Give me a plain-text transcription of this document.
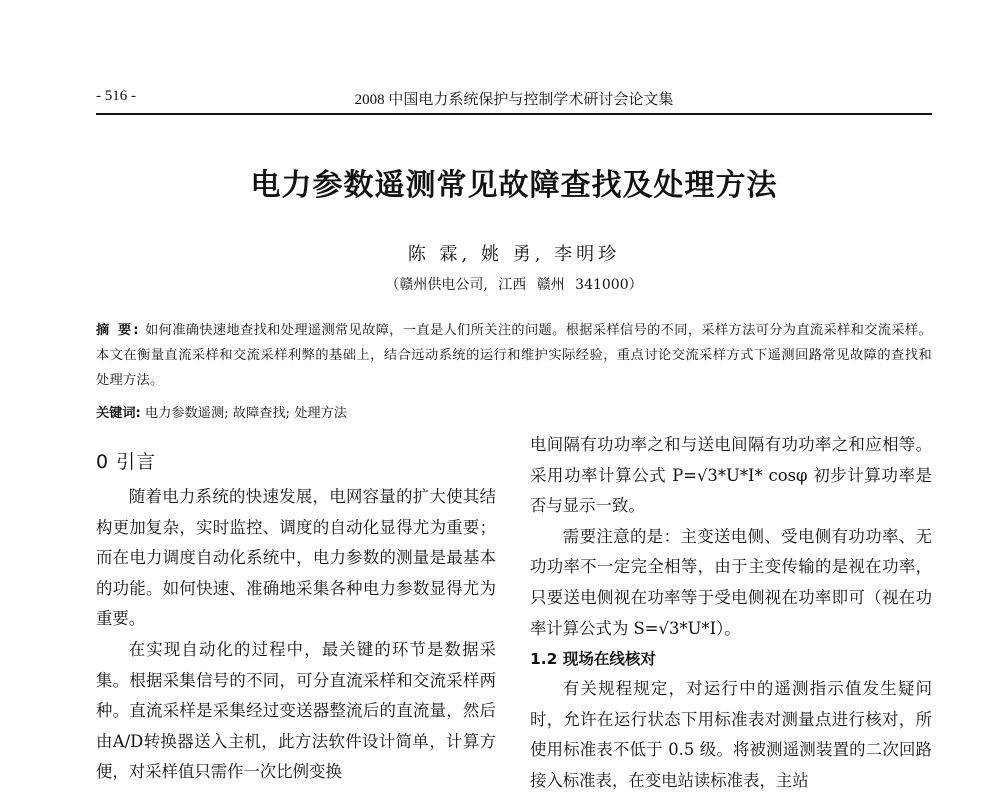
- 516 -	2008 中国电力系统保护与控制学术研讨会论文集
电力参数遥测常见故障查找及处理方法
陈 霖, 姚 勇, 李明珍
（赣州供电公司, 江西 赣州 341000）
摘 要: 如何准确快速地查找和处理遥测常见故障，一直是人们所关注的问题。根据采样信号的不同，采样方法可分为直流采样和交流采样。本文在衡量直流采样和交流采样利弊的基础上，结合远动系统的运行和维护实际经验，重点讨论交流采样方式下遥测回路常见故障的查找和处理方法。
关键词: 电力参数遥测; 故障查找; 处理方法
0 引言

随着电力系统的快速发展，电网容量的扩大使其结构更加复杂，实时监控、调度的自动化显得尤为重要；而在电力调度自动化系统中，电力参数的测量是最基本的功能。如何快速、准确地采集各种电力参数显得尤为重要。

在实现自动化的过程中，最关键的环节是数据采集。根据采集信号的不同，可分直流采样和交流采样两种。直流采样是采集经过变送器整流后的直流量，然后由A/D转换器送入主机，此方法软件设计简单，计算方便，对采样值只需作一次比例变换

电间隔有功功率之和与送电间隔有功功率之和应相等。采用功率计算公式 P=√3*U*I* cosφ 初步计算功率是否与显示一致。

需要注意的是：主变送电侧、受电侧有功功率、无功功率不一定完全相等，由于主变传输的是视在功率，只要送电侧视在功率等于受电侧视在功率即可（视在功率计算公式为 S=√3*U*I）。

1.2 现场在线核对

有关规程规定，对运行中的遥测指示值发生疑问时，允许在运行状态下用标准表对测量点进行核对，所使用标准表不低于 0.5 级。将被测遥测装置的二次回路接入标准表，在变电站读标准表，主站
